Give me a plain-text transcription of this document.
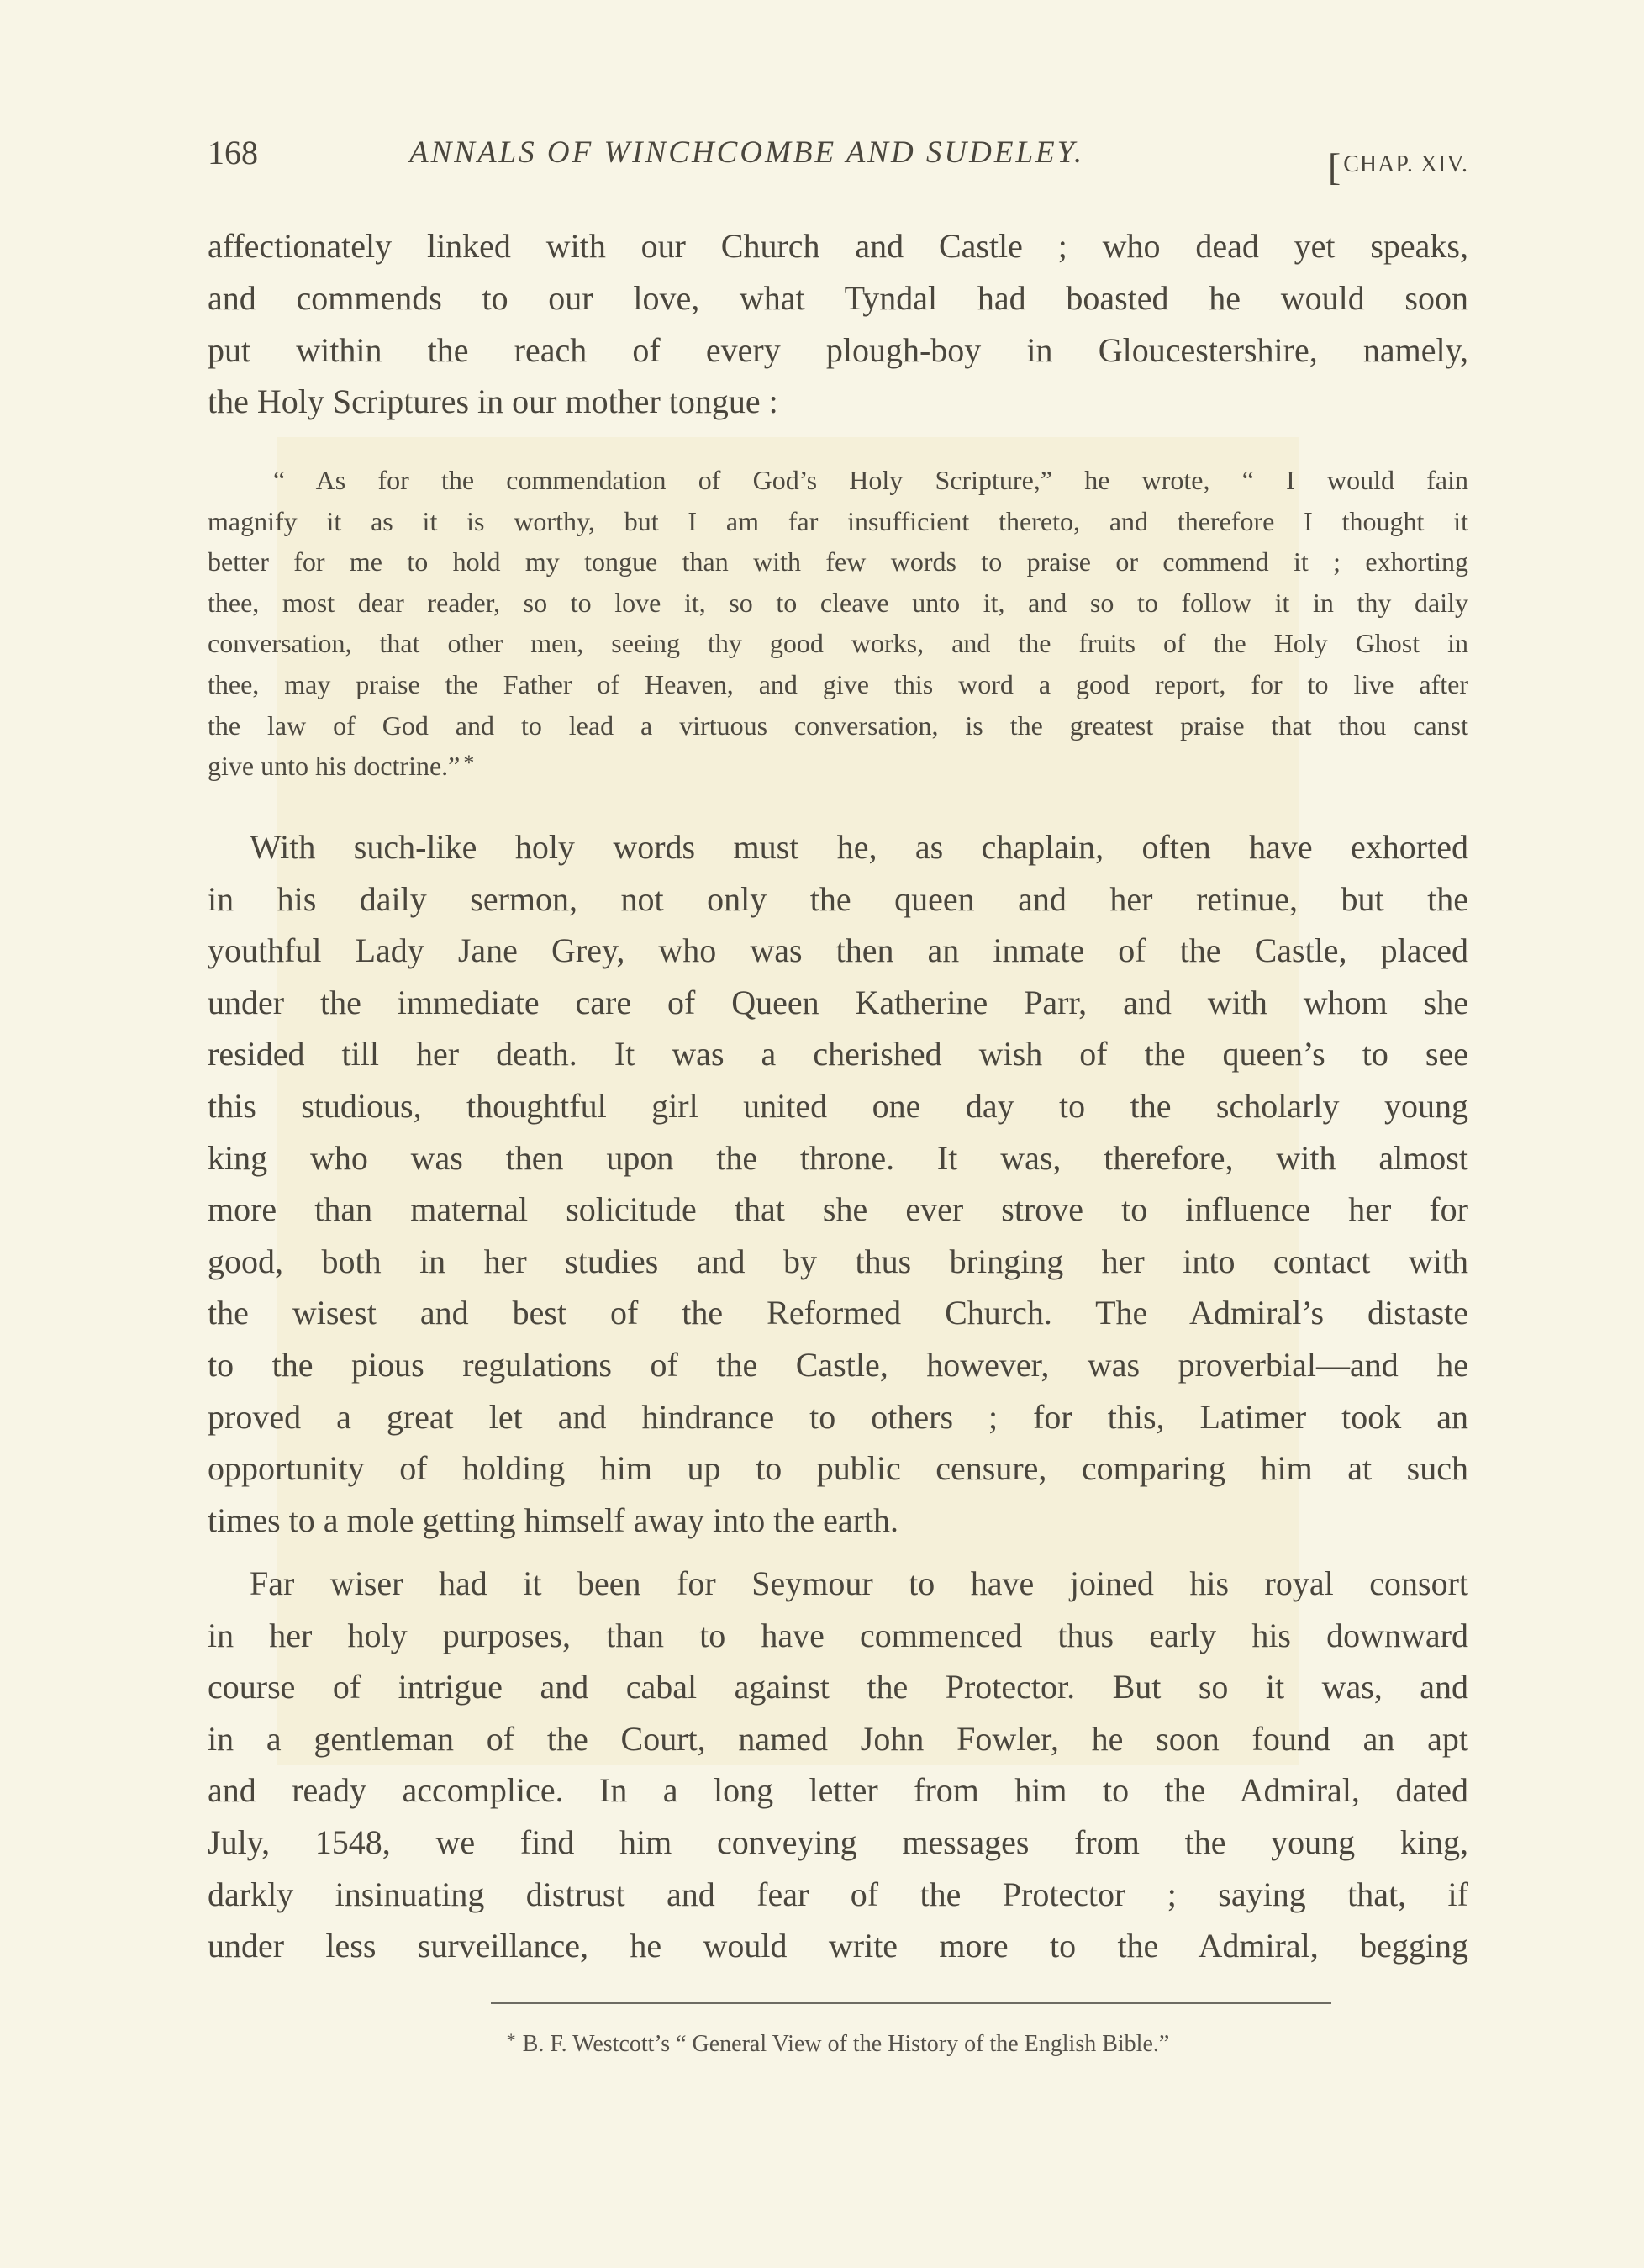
168	ANNALS OF WINCHCOMBE AND SUDELEY.	[CHAP. XIV.
affectionately linked with our Church and Castle ; who dead yet speaks,
and commends to our love, what Tyndal had boasted he would soon
put within the reach of every plough-boy in Gloucestershire, namely,
the Holy Scriptures in our mother tongue :
“ As for the commendation of God’s Holy Scripture,” he wrote, “ I would fain
magnify it as it is worthy, but I am far insufficient thereto, and therefore I thought it
better for me to hold my tongue than with few words to praise or commend it ; exhorting
thee, most dear reader, so to love it, so to cleave unto it, and so to follow it in thy daily
conversation, that other men, seeing thy good works, and the fruits of the Holy Ghost in
thee, may praise the Father of Heaven, and give this word a good report, for to live after
the law of God and to lead a virtuous conversation, is the greatest praise that thou canst
give unto his doctrine.” *
With such-like holy words must he, as chaplain, often have exhorted
in his daily sermon, not only the queen and her retinue, but the
youthful Lady Jane Grey, who was then an inmate of the Castle, placed
under the immediate care of Queen Katherine Parr, and with whom she
resided till her death. It was a cherished wish of the queen’s to see
this studious, thoughtful girl united one day to the scholarly young
king who was then upon the throne. It was, therefore, with almost
more than maternal solicitude that she ever strove to influence her for
good, both in her studies and by thus bringing her into contact with
the wisest and best of the Reformed Church. The Admiral’s distaste
to the pious regulations of the Castle, however, was proverbial—and he
proved a great let and hindrance to others ; for this, Latimer took an
opportunity of holding him up to public censure, comparing him at such
times to a mole getting himself away into the earth.
Far wiser had it been for Seymour to have joined his royal consort
in her holy purposes, than to have commenced thus early his downward
course of intrigue and cabal against the Protector. But so it was, and
in a gentleman of the Court, named John Fowler, he soon found an apt
and ready accomplice. In a long letter from him to the Admiral, dated
July, 1548, we find him conveying messages from the young king,
darkly insinuating distrust and fear of the Protector ; saying that, if
under less surveillance, he would write more to the Admiral, begging
* B. F. Westcott’s “ General View of the History of the English Bible.”
